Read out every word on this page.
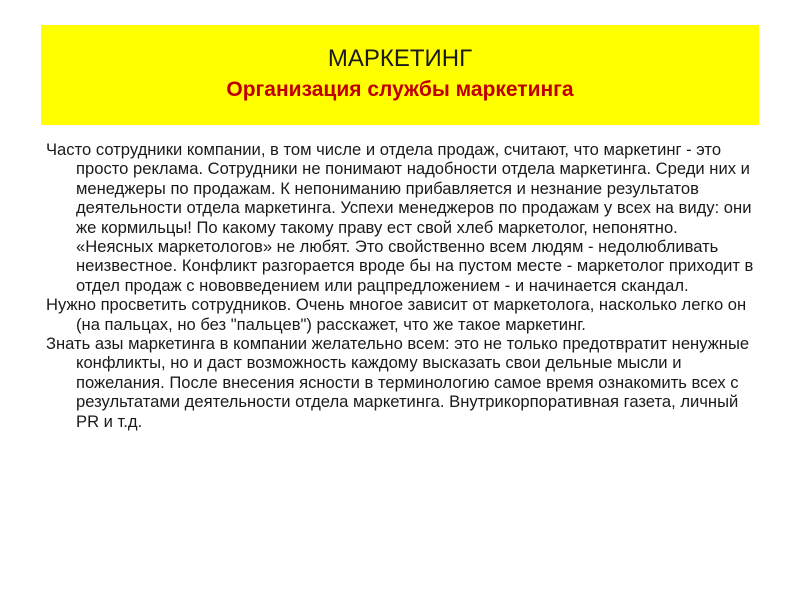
МАРКЕТИНГ
Организация службы маркетинга

Часто сотрудники компании, в том числе и отдела продаж, считают, что маркетинг - это просто реклама. Сотрудники не понимают надобности отдела маркетинга. Среди них и менеджеры по продажам. К непониманию прибавляется и незнание результатов деятельности отдела маркетинга. Успехи менеджеров по продажам у всех на виду: они же кормильцы! По какому такому праву ест свой хлеб маркетолог, непонятно. «Неясных маркетологов» не любят. Это свойственно всем людям - недолюбливать неизвестное. Конфликт разгорается вроде бы на пустом месте - маркетолог приходит в отдел продаж с нововведением или рацпредложением - и начинается скандал.

Нужно просветить сотрудников. Очень многое зависит от маркетолога, насколько легко он (на пальцах, но без "пальцев") расскажет, что же такое маркетинг.

Знать азы маркетинга в компании желательно всем: это не только предотвратит ненужные конфликты, но и даст возможность каждому высказать свои дельные мысли и пожелания. После внесения ясности в терминологию самое время ознакомить всех с результатами деятельности отдела маркетинга. Внутрикорпоративная газета, личный PR и т.д.
